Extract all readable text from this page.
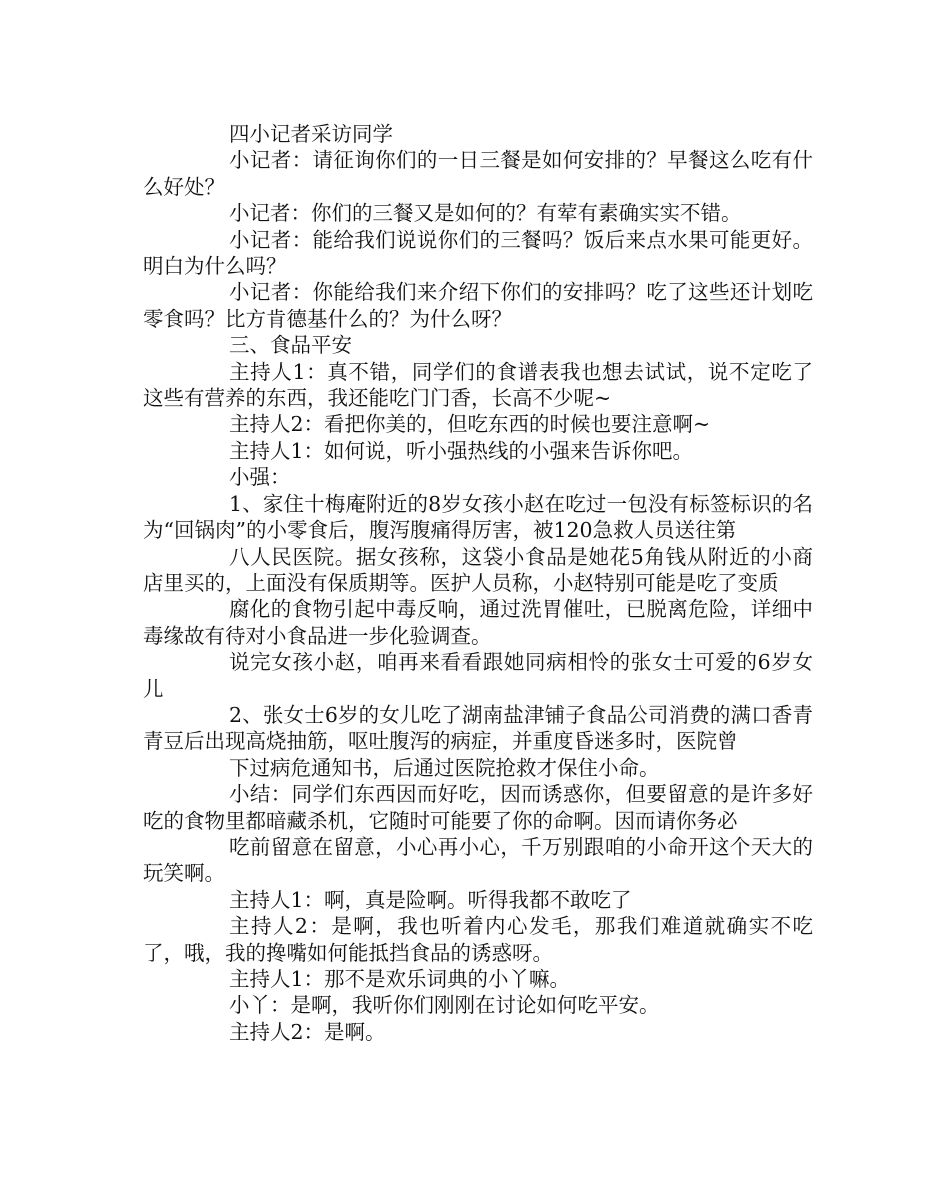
四小记者采访同学

小记者：请征询你们的一日三餐是如何安排的？早餐这么吃有什么好处？

小记者：你们的三餐又是如何的？有荤有素确实实不错。

小记者：能给我们说说你们的三餐吗？饭后来点水果可能更好。明白为什么吗？

小记者：你能给我们来介绍下你们的安排吗？吃了这些还计划吃零食吗？比方肯德基什么的？为什么呀？

三、食品平安

主持人1：真不错，同学们的食谱表我也想去试试，说不定吃了这些有营养的东西，我还能吃门门香，长高不少呢~

主持人2：看把你美的，但吃东西的时候也要注意啊~

主持人1：如何说，听小强热线的小强来告诉你吧。

小强：

1、家住十梅庵附近的8岁女孩小赵在吃过一包没有标签标识的名为“回锅肉”的小零食后，腹泻腹痛得厉害，被120急救人员送往第

八人民医院。据女孩称，这袋小食品是她花5角钱从附近的小商店里买的，上面没有保质期等。医护人员称，小赵特别可能是吃了变质

腐化的食物引起中毒反响，通过洗胃催吐，已脱离危险，详细中毒缘故有待对小食品进一步化验调查。

说完女孩小赵，咱再来看看跟她同病相怜的张女士可爱的6岁女儿

2、张女士6岁的女儿吃了湖南盐津铺子食品公司消费的满口香青青豆后出现高烧抽筋，呕吐腹泻的病症，并重度昏迷多时，医院曾

下过病危通知书，后通过医院抢救才保住小命。

小结：同学们东西因而好吃，因而诱惑你，但要留意的是许多好吃的食物里都暗藏杀机，它随时可能要了你的命啊。因而请你务必

吃前留意在留意，小心再小心，千万别跟咱的小命开这个天大的玩笑啊。

主持人1：啊，真是险啊。听得我都不敢吃了

主持人2：是啊，我也听着内心发毛，那我们难道就确实不吃了，哦，我的搀嘴如何能抵挡食品的诱惑呀。

主持人1：那不是欢乐词典的小丫嘛。

小丫：是啊，我听你们刚刚在讨论如何吃平安。

主持人2：是啊。
